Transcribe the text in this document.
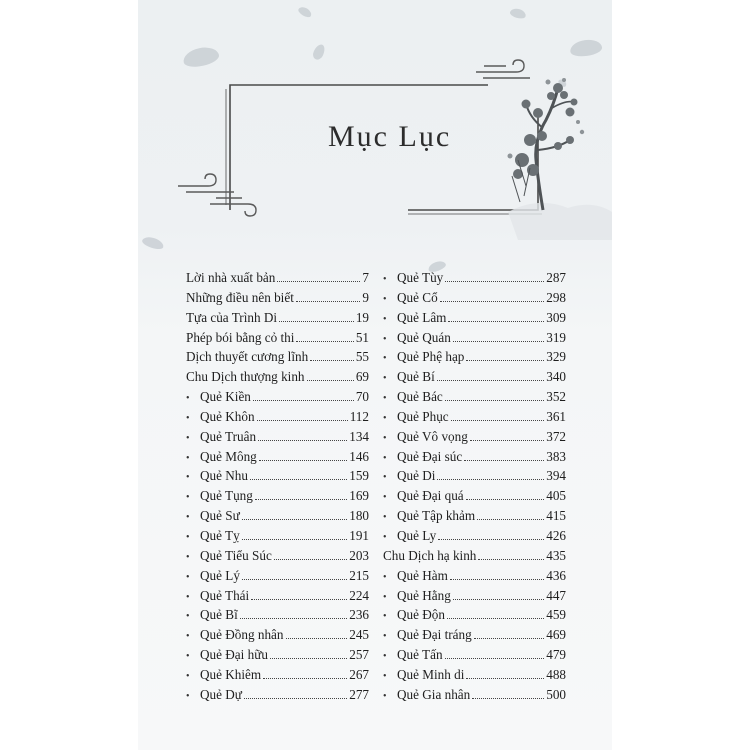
Mục Lục
Lời nhà xuất bản	7
Những điều nên biết	9
Tựa của Trình Di	19
Phép bói bằng cỏ thi	51
Dịch thuyết cương lĩnh	55
Chu Dịch thượng kinh	69
• Quẻ Kiền	70
• Quẻ Khôn	112
• Quẻ Truân	134
• Quẻ Mông	146
• Quẻ Nhu	159
• Quẻ Tụng	169
• Quẻ Sư	180
• Quẻ Tỵ	191
• Quẻ Tiểu Súc	203
• Quẻ Lý	215
• Quẻ Thái	224
• Quẻ Bĩ	236
• Quẻ Đồng nhân	245
• Quẻ Đại hữu	257
• Quẻ Khiêm	267
• Quẻ Dự	277
• Quẻ Tùy	287
• Quẻ Cổ	298
• Quẻ Lâm	309
• Quẻ Quán	319
• Quẻ Phệ hạp	329
• Quẻ Bí	340
• Quẻ Bác	352
• Quẻ Phục	361
• Quẻ Vô vọng	372
• Quẻ Đại súc	383
• Quẻ Di	394
• Quẻ Đại quá	405
• Quẻ Tập khảm	415
• Quẻ Ly	426
Chu Dịch hạ kinh	435
• Quẻ Hàm	436
• Quẻ Hằng	447
• Quẻ Độn	459
• Quẻ Đại tráng	469
• Quẻ Tấn	479
• Quẻ Minh di	488
• Quẻ Gia nhân	500
